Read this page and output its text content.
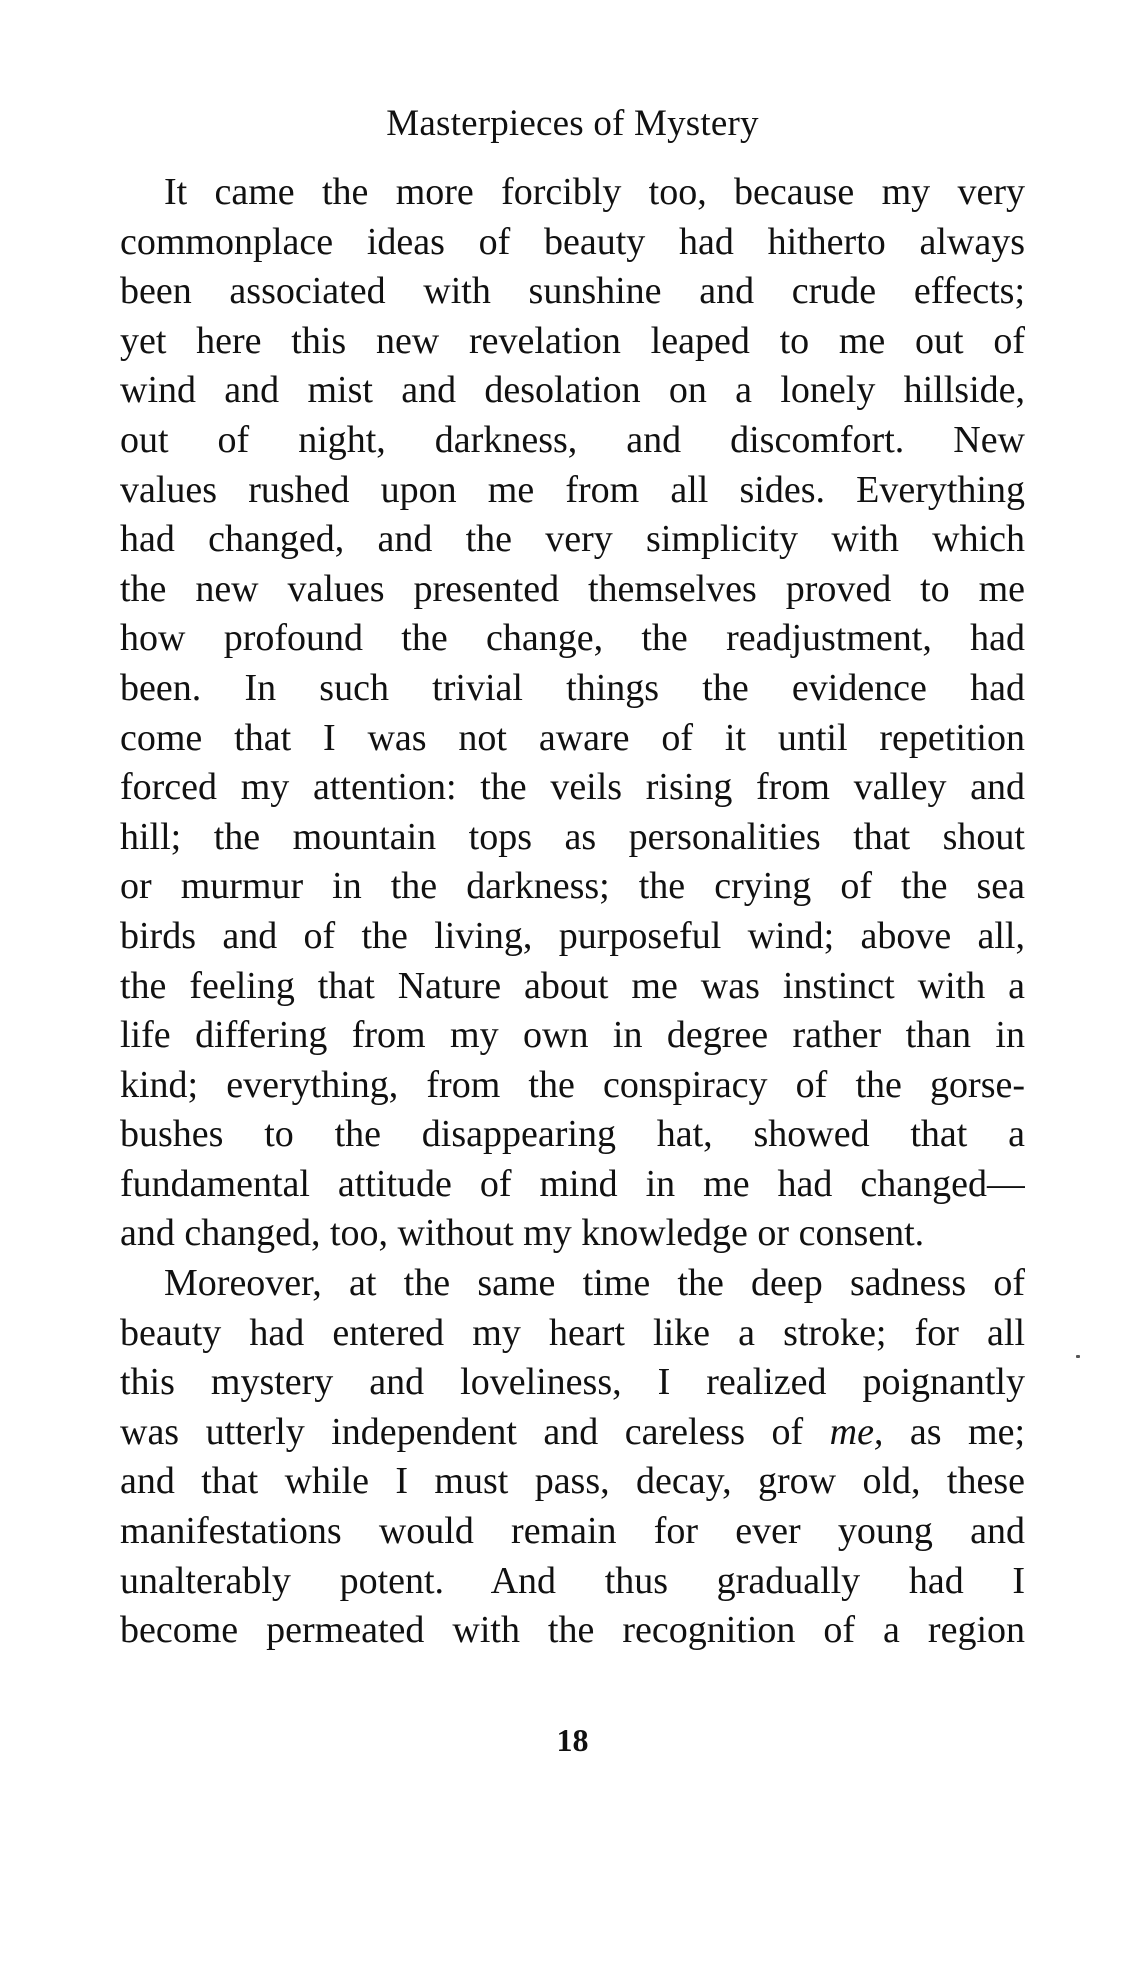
Masterpieces of Mystery
It came the more forcibly too, because my very
commonplace ideas of beauty had hitherto always
been associated with sunshine and crude effects;
yet here this new revelation leaped to me out of
wind and mist and desolation on a lonely hillside,
out of night, darkness, and discomfort. New
values rushed upon me from all sides. Everything
had changed, and the very simplicity with which
the new values presented themselves proved to me
how profound the change, the readjustment, had
been. In such trivial things the evidence had
come that I was not aware of it until repetition
forced my attention: the veils rising from valley and
hill; the mountain tops as personalities that shout
or murmur in the darkness; the crying of the sea
birds and of the living, purposeful wind; above all,
the feeling that Nature about me was instinct with a
life differing from my own in degree rather than in
kind; everything, from the conspiracy of the gorse-
bushes to the disappearing hat, showed that a
fundamental attitude of mind in me had changed—
and changed, too, without my knowledge or consent.
Moreover, at the same time the deep sadness of
beauty had entered my heart like a stroke; for all
this mystery and loveliness, I realized poignantly
was utterly independent and careless of me, as me;
and that while I must pass, decay, grow old, these
manifestations would remain for ever young and
unalterably potent. And thus gradually had I
become permeated with the recognition of a region
18
